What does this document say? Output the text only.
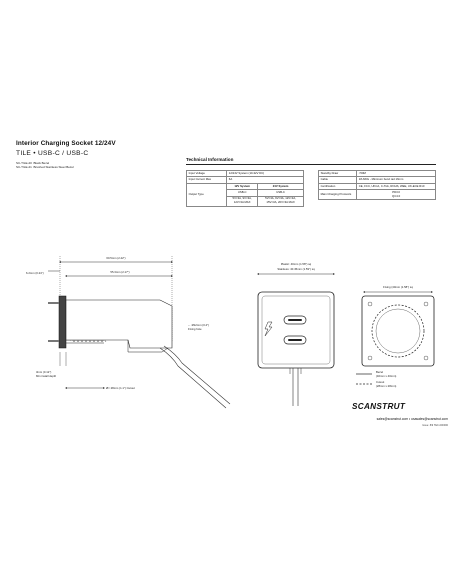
Interior Charging Socket 12/24V
TILE • USB-C / USB-C
SC-TILE-20 Black Bezel
SC-TILE-21 Brushed Stainless Steel Bezel
Technical Information
Input Voltage	12/24V System (10-32V DC)	
Input Current Max	6A	
Output Type	12V System	24V System
	USB-C	USB-C
	5V=3A, 9V=3A, 12V=3A MAX	5V=3A, 9V=3A, 12V=3A, 15V=3A, 20V=3A MAX
Standby Draw	<50M
Cable	18 AWG - Minimum bend rad 16mm
Certification	CE, FCC, UKCA, C-Tick, ROHS, WEE, UK-ECE R10
Main Charging Protocols	PD3.0
QC4.0
60.5mm (2.42")
55.3mm (2.17")
6.2mm (0.24")
← Ø12mm (0.4") Fixing hole
3mm (0.12") Min install depth
Ø= 28mm (1.1") Cutout
Plastic: 40mm (1.58") sq
Stainless: 40.45mm (1.59") sq
Fixing (40mm (1.58") sq
Bezel (40mm x 40mm)
Cutout (28mm x 28mm)
SCANSTRUT
sales@scanstrut.com • usasales@scanstrut.com
Issue: 8/9 TEC-000000
